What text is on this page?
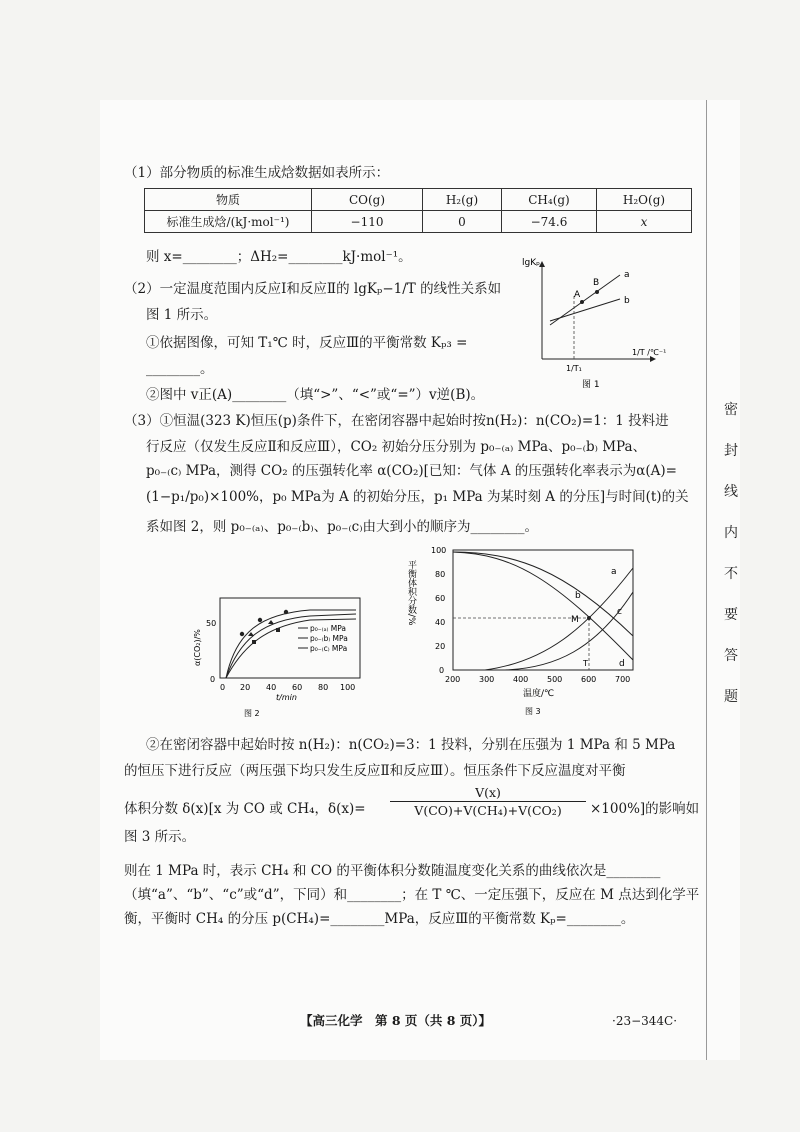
（1）部分物质的标准生成焓数据如表所示：
物质	CO(g)	H₂(g)	CH₄(g)	H₂O(g)
标准生成焓/(kJ·mol⁻¹)	−110	0	−74.6	x
则 x=________；ΔH₂=________kJ·mol⁻¹。
（2）一定温度范围内反应Ⅰ和反应Ⅱ的 lgKₚ−1/T 的线性关系如
图 1 所示。
①依据图像，可知 T₁℃ 时，反应Ⅲ的平衡常数 Kₚ₃ =
________。
②图中 v正(A)________（填“>”、“<”或“=”）v逆(B)。
lgKₚ
a
b
A
B
1/T /℃⁻¹
1/T₁
图 1
（3）①恒温(323 K)恒压(p)条件下，在密闭容器中起始时按n(H₂)：n(CO₂)=1：1 投料进
行反应（仅发生反应Ⅱ和反应Ⅲ），CO₂ 初始分压分别为 p₀₋₍ₐ₎ MPa、p₀₋₍b₎ MPa、
p₀₋₍c₎ MPa，测得 CO₂ 的压强转化率 α(CO₂)[已知：气体 A 的压强转化率表示为α(A)=
(1−p₁/p₀)×100%，p₀ MPa为 A 的初始分压，p₁ MPa 为某时刻 A 的分压]与时间(t)的关
系如图 2，则 p₀₋₍ₐ₎、p₀₋₍b₎、p₀₋₍c₎由大到小的顺序为________。
p₀₋₍ₐ₎ MPa
p₀₋₍b₎ MPa
p₀₋₍c₎ MPa
0
50
0 20 40 60 80 100
t/min
α(CO₂)/%
图 2
M
T
a
b
c
d
0
20
40
60
80
100
200 300 400 500 600 700
温度/℃
平衡体积分数/%
图 3
②在密闭容器中起始时按 n(H₂)：n(CO₂)=3：1 投料，分别在压强为 1 MPa 和 5 MPa
的恒压下进行反应（两压强下均只发生反应Ⅱ和反应Ⅲ）。恒压条件下反应温度对平衡
体积分数 δ(x)[x 为 CO 或 CH₄，$\delta(x)= \frac{V(x)}{\text{V(CO)+V(CH₄)+V(CO₂)}} \times 100\%$]的影响如
图 3 所示。
则在 1 MPa 时，表示 CH₄ 和 CO 的平衡体积分数随温度变化关系的曲线依次是________
（填“a”、“b”、“c”或“d”，下同）和________；在 T ℃、一定压强下，反应在 M 点达到化学平
衡，平衡时 CH₄ 的分压 p(CH₄)=________MPa，反应Ⅲ的平衡常数 Kₚ=________。
【高三化学　第 8 页（共 8 页）】	·23−344C·
密
封
线
内
不
要
答
题
